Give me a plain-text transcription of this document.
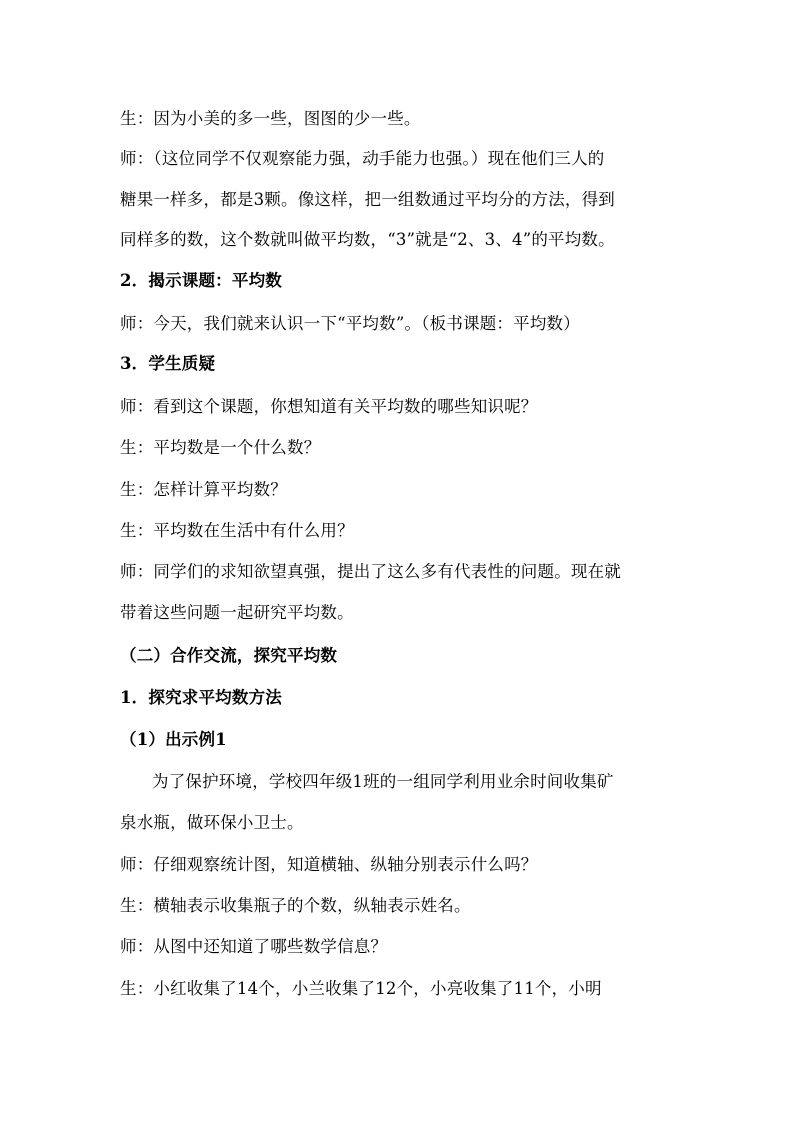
生：因为小美的多一些，图图的少一些。
师：（这位同学不仅观察能力强，动手能力也强。）现在他们三人的
糖果一样多，都是3颗。像这样，把一组数通过平均分的方法，得到
同样多的数，这个数就叫做平均数，“3”就是“2、3、4”的平均数。
2．揭示课题：平均数
师：今天，我们就来认识一下“平均数”。（板书课题：平均数）
3．学生质疑
师：看到这个课题，你想知道有关平均数的哪些知识呢？
生：平均数是一个什么数？
生：怎样计算平均数？
生：平均数在生活中有什么用？
师：同学们的求知欲望真强，提出了这么多有代表性的问题。现在就
带着这些问题一起研究平均数。
（二）合作交流，探究平均数
1．探究求平均数方法
（1）出示例1
为了保护环境，学校四年级1班的一组同学利用业余时间收集矿
泉水瓶，做环保小卫士。
师：仔细观察统计图，知道横轴、纵轴分别表示什么吗？
生：横轴表示收集瓶子的个数，纵轴表示姓名。
师：从图中还知道了哪些数学信息？
生：小红收集了14个，小兰收集了12个，小亮收集了11个，小明
